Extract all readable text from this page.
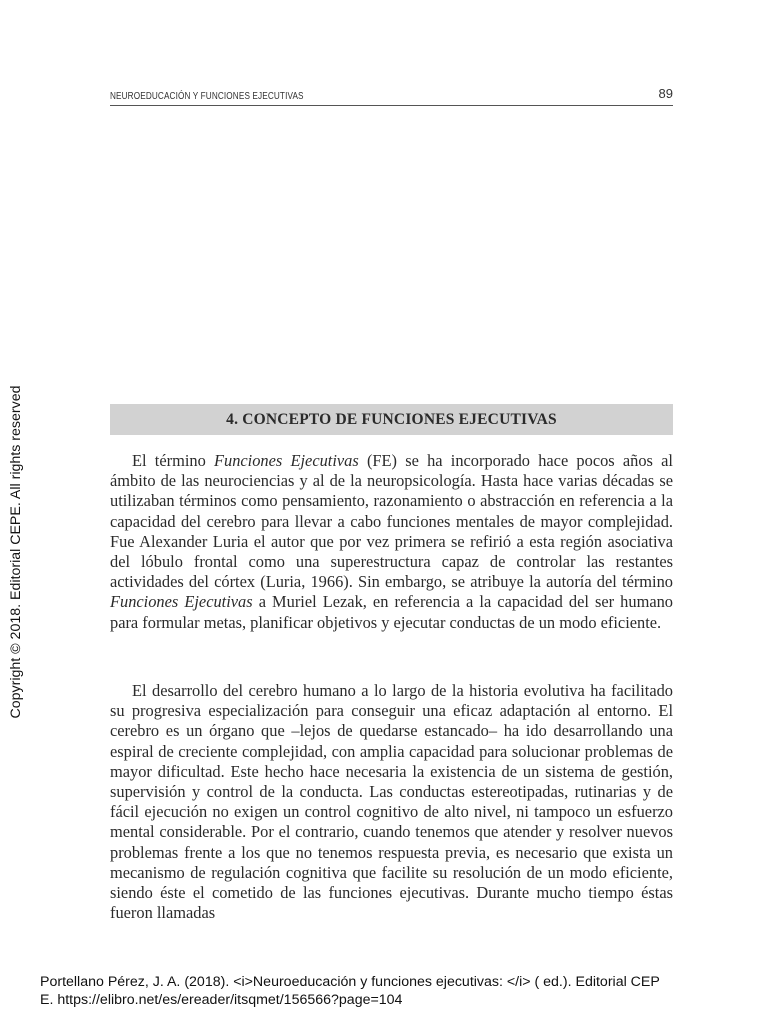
NEUROEDUCACIÓN Y FUNCIONES EJECUTIVAS	89
4. CONCEPTO DE FUNCIONES EJECUTIVAS

El término Funciones Ejecutivas (FE) se ha incorporado hace pocos años al ámbito de las neurociencias y al de la neuropsicología. Hasta hace varias décadas se utilizaban términos como pensamiento, razonamiento o abstracción en referencia a la capacidad del cerebro para llevar a cabo funciones mentales de mayor complejidad. Fue Alexander Luria el autor que por vez primera se refirió a esta región asociativa del lóbulo frontal como una superestructura capaz de controlar las restantes actividades del córtex (Luria, 1966). Sin embargo, se atribuye la autoría del término Funciones Ejecutivas a Muriel Lezak, en referencia a la capacidad del ser humano para formular metas, planificar objetivos y ejecutar conductas de un modo eficiente.

El desarrollo del cerebro humano a lo largo de la historia evolutiva ha facilitado su progresiva especialización para conseguir una eficaz adaptación al entorno. El cerebro es un órgano que –lejos de quedarse estancado– ha ido desarrollando una espiral de creciente complejidad, con amplia capacidad para solucionar problemas de mayor dificultad. Este hecho hace necesaria la existencia de un sistema de gestión, supervisión y control de la conducta. Las conductas estereotipadas, rutinarias y de fácil ejecución no exigen un control cognitivo de alto nivel, ni tampoco un esfuerzo mental considerable. Por el contrario, cuando tenemos que atender y resolver nuevos problemas frente a los que no tenemos respuesta previa, es necesario que exista un mecanismo de regulación cognitiva que facilite su resolución de un modo eficiente, siendo éste el cometido de las funciones ejecutivas. Durante mucho tiempo éstas fueron llamadas

Copyright © 2018. Editorial CEPE. All rights reserved
Portellano Pérez, J. A. (2018). <i>Neuroeducación y funciones ejecutivas: </i> ( ed.). Editorial CEP
E. https://elibro.net/es/ereader/itsqmet/156566?page=104
